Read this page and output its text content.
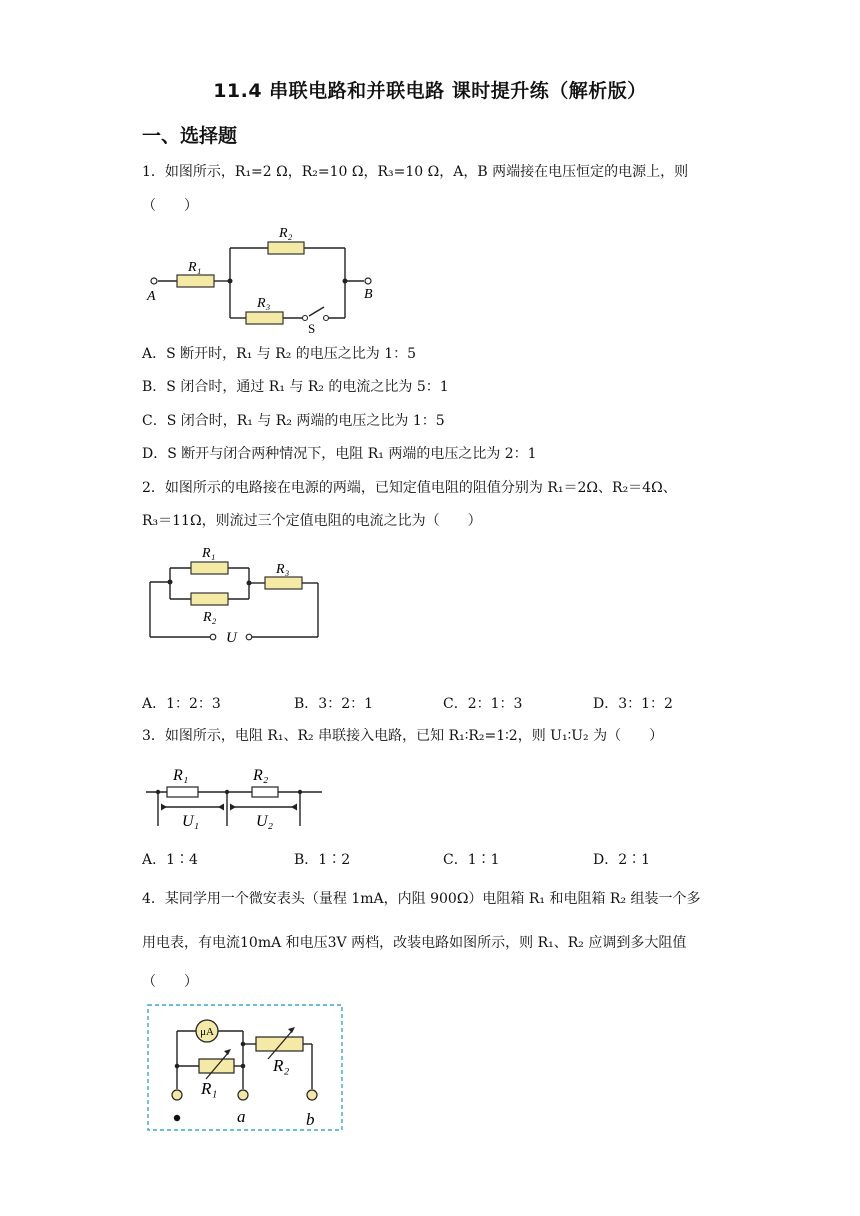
11.4 串联电路和并联电路 课时提升练（解析版）
一、选择题
1．如图所示，R₁=2 Ω，R₂=10 Ω，R₃=10 Ω，A，B 两端接在电压恒定的电源上，则
（　　）
R₁
R₂
R₃
A	B
S
A．S 断开时，R₁ 与 R₂ 的电压之比为 1：5
B．S 闭合时，通过 R₁ 与 R₂ 的电流之比为 5：1
C．S 闭合时，R₁ 与 R₂ 两端的电压之比为 1：5
D．S 断开与闭合两种情况下，电阻 R₁ 两端的电压之比为 2：1
2．如图所示的电路接在电源的两端，已知定值电阻的阻值分别为 R₁＝2Ω、R₂＝4Ω、
R₃＝11Ω，则流过三个定值电阻的电流之比为（　　）
R₁
R₂
R₃
U
A．1：2：3	B．3：2：1	C．2：1：3	D．3：1：2
3．如图所示，电阻 R₁、R₂ 串联接入电路，已知 R₁∶R₂=1∶2，则 U₁∶U₂ 为（　　）
R₁	R₂
U₁	U₂
A．1∶4	B．1∶2	C．1∶1	D．2∶1
4．某同学用一个微安表头（量程 1mA，内阻 900Ω）电阻箱 R₁ 和电阻箱 R₂ 组装一个多
用电表，有电流10mA 和电压3V 两档，改装电路如图所示，则 R₁、R₂ 应调到多大阻值
（　　）
μA
R₁
R₂
a	b
